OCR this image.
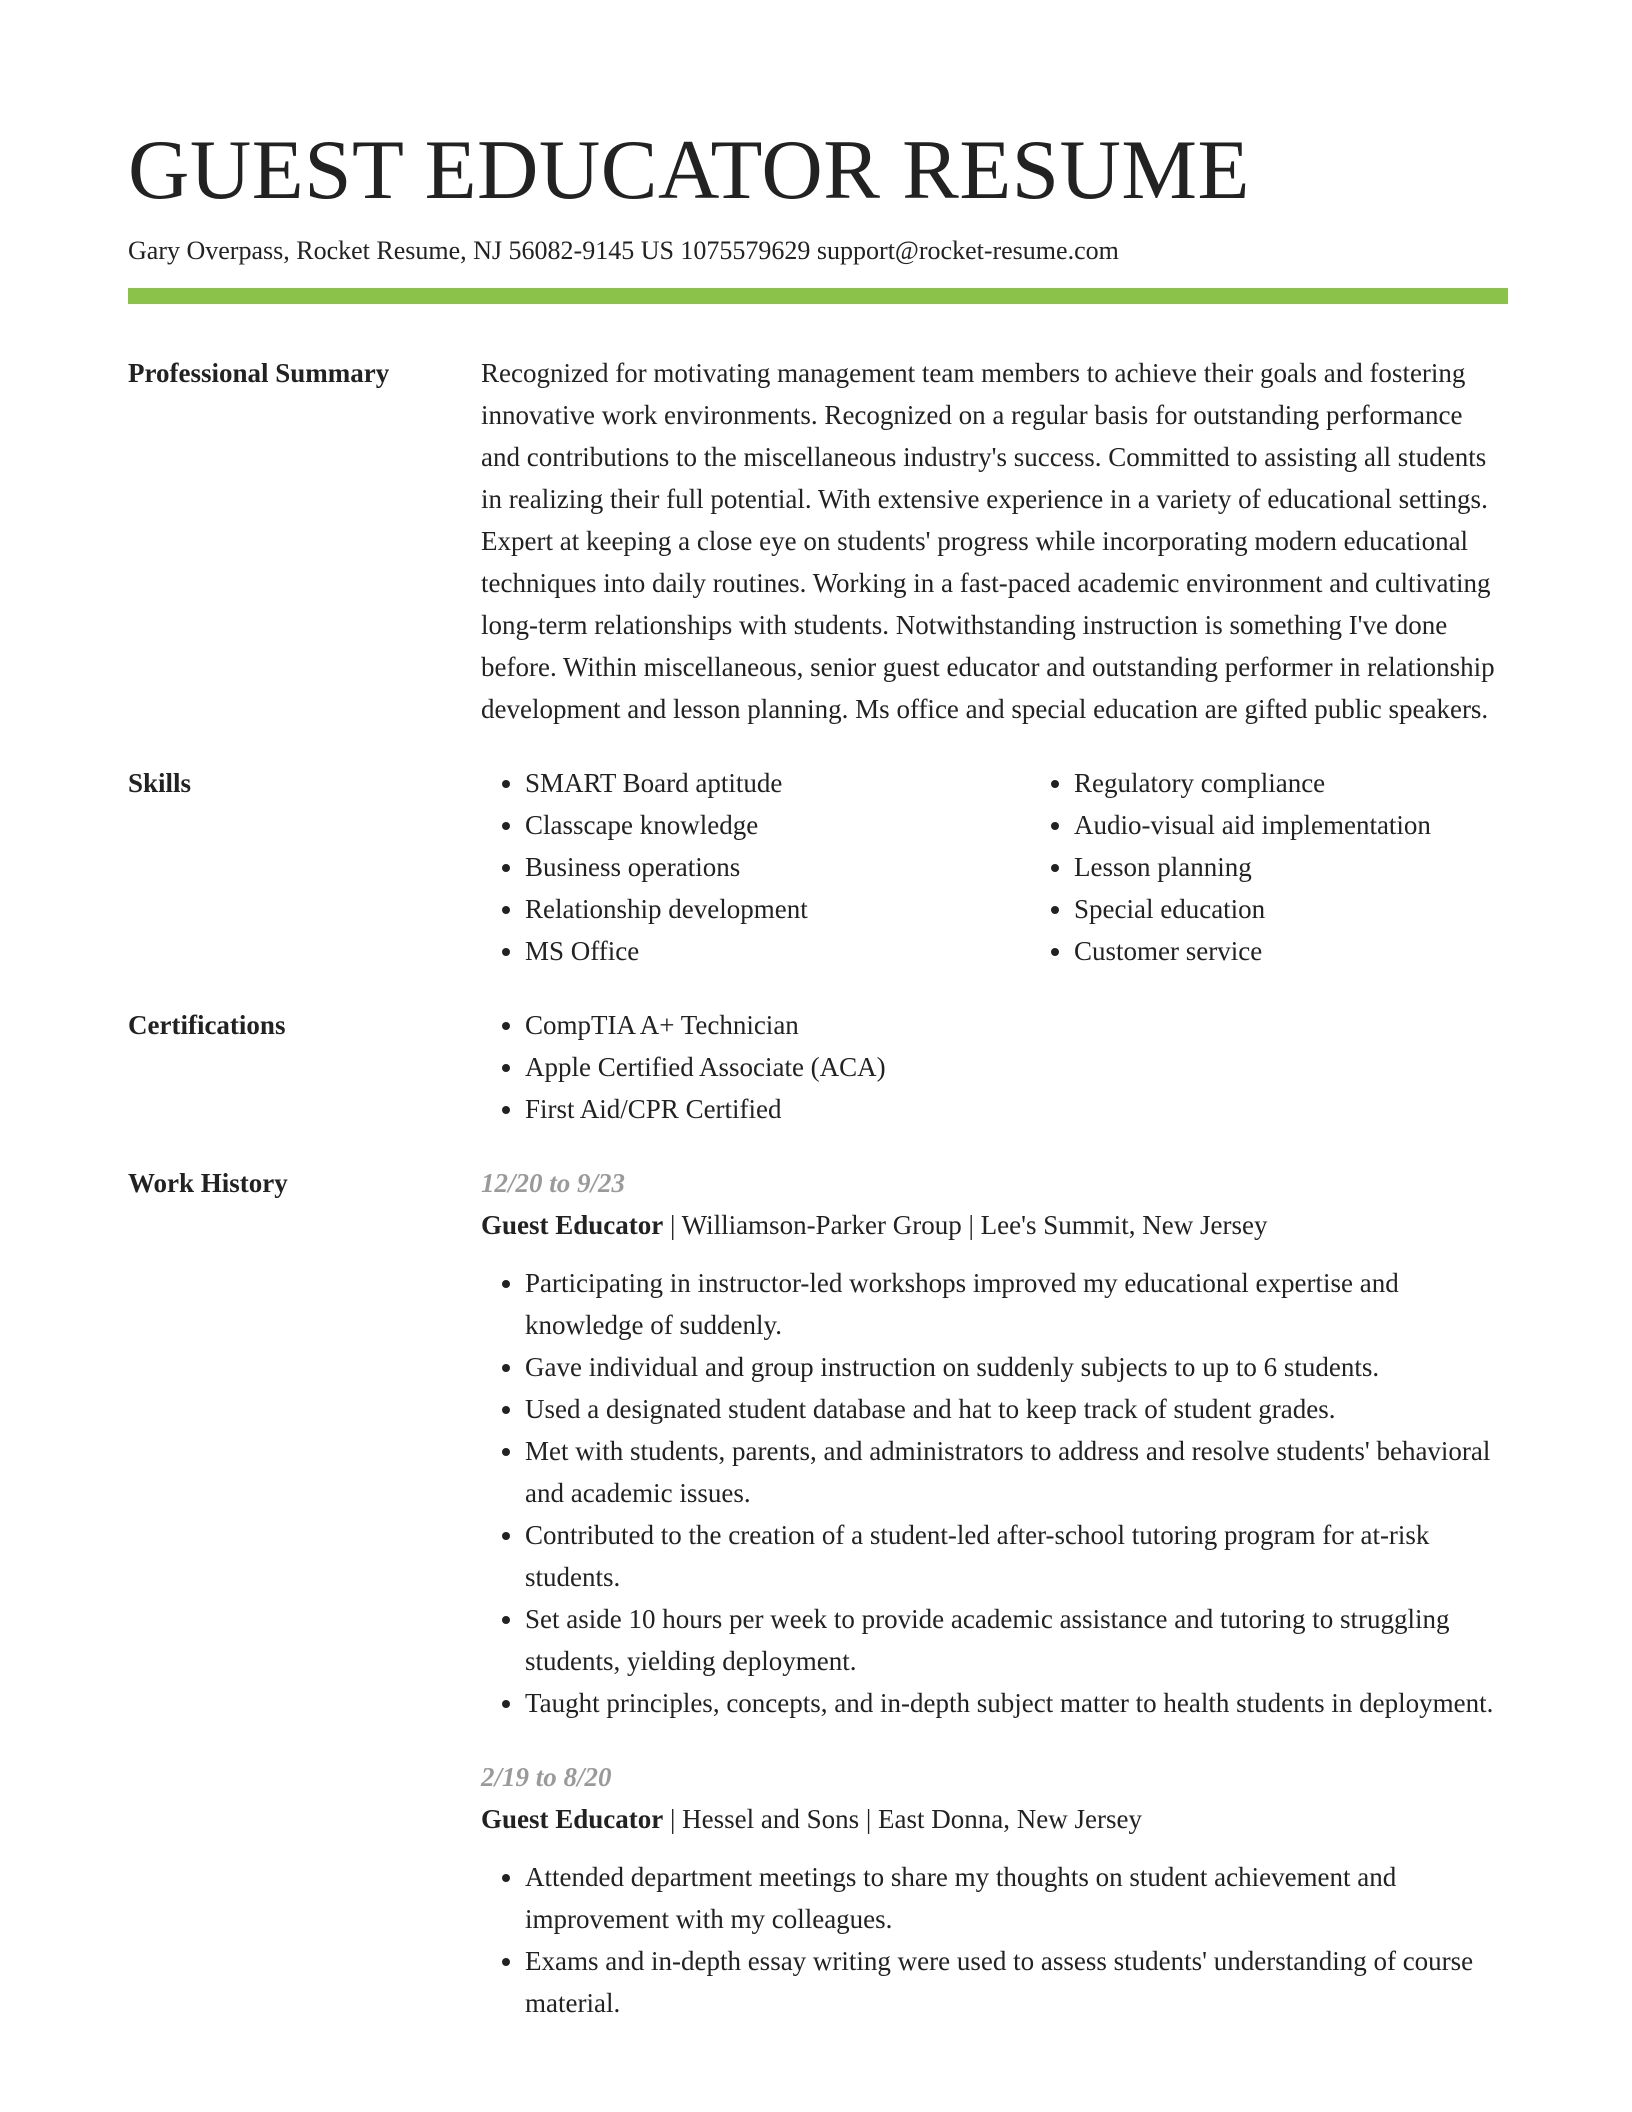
GUEST EDUCATOR RESUME
Gary Overpass, Rocket Resume, NJ 56082-9145 US 1075579629 support@rocket-resume.com
Professional Summary	Recognized for motivating management team members to achieve their goals and fostering innovative work environments. Recognized on a regular basis for outstanding performance and contributions to the miscellaneous industry's success. Committed to assisting all students in realizing their full potential. With extensive experience in a variety of educational settings. Expert at keeping a close eye on students' progress while incorporating modern educational techniques into daily routines. Working in a fast-paced academic environment and cultivating long-term relationships with students. Notwithstanding instruction is something I've done before. Within miscellaneous, senior guest educator and outstanding performer in relationship development and lesson planning. Ms office and special education are gifted public speakers.
Skills	• SMART Board aptitude
• Classcape knowledge
• Business operations
• Relationship development
• MS Office
• Regulatory compliance
• Audio-visual aid implementation
• Lesson planning
• Special education
• Customer service
Certifications	• CompTIA A+ Technician
• Apple Certified Associate (ACA)
• First Aid/CPR Certified
Work History	12/20 to 9/23
Guest Educator | Williamson-Parker Group | Lee's Summit, New Jersey
• Participating in instructor-led workshops improved my educational expertise and knowledge of suddenly.
• Gave individual and group instruction on suddenly subjects to up to 6 students.
• Used a designated student database and hat to keep track of student grades.
• Met with students, parents, and administrators to address and resolve students' behavioral and academic issues.
• Contributed to the creation of a student-led after-school tutoring program for at-risk students.
• Set aside 10 hours per week to provide academic assistance and tutoring to struggling students, yielding deployment.
• Taught principles, concepts, and in-depth subject matter to health students in deployment.
2/19 to 8/20
Guest Educator | Hessel and Sons | East Donna, New Jersey
• Attended department meetings to share my thoughts on student achievement and improvement with my colleagues.
• Exams and in-depth essay writing were used to assess students' understanding of course material.
